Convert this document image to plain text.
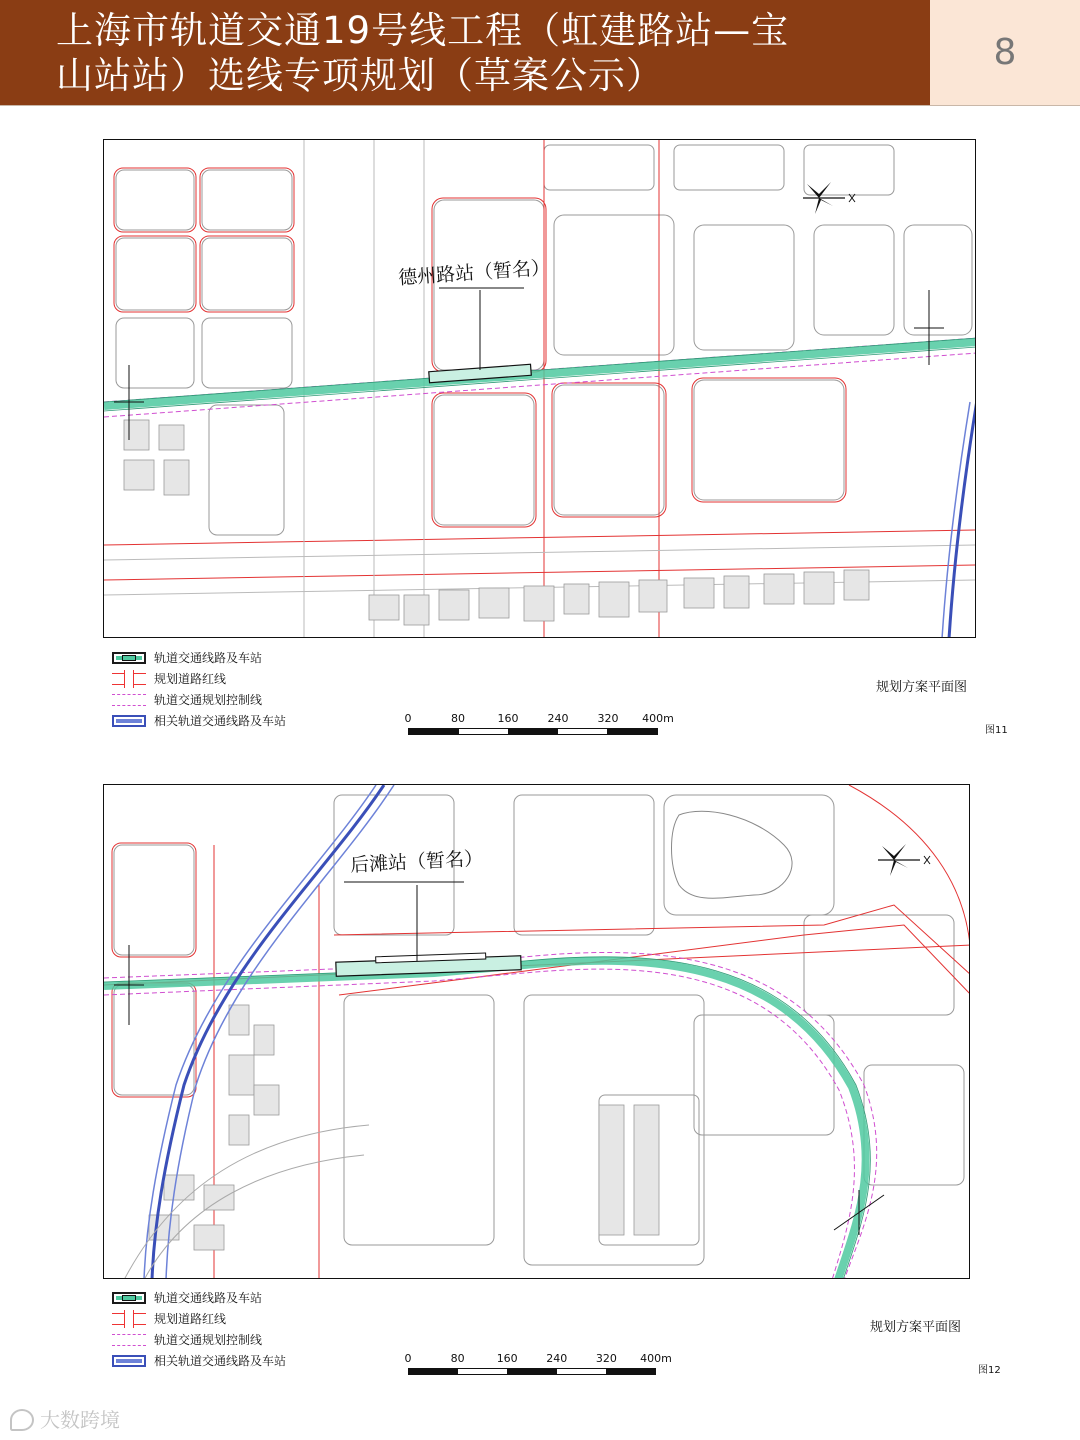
上海市轨道交通19号线工程（虹建路站—宝
山站站）选线专项规划（草案公示）
8
德州路站（暂名）
轨道交通线路及车站
规划道路红线
轨道交通规划控制线
相关轨道交通线路及车站	0	80	160	240	320 400m
规划方案平面图
图11
后滩站（暂名）
轨道交通线路及车站
规划道路红线
轨道交通规划控制线
相关轨道交通线路及车站	0	80	160	240	320 400m
规划方案平面图
图12
大数跨境
